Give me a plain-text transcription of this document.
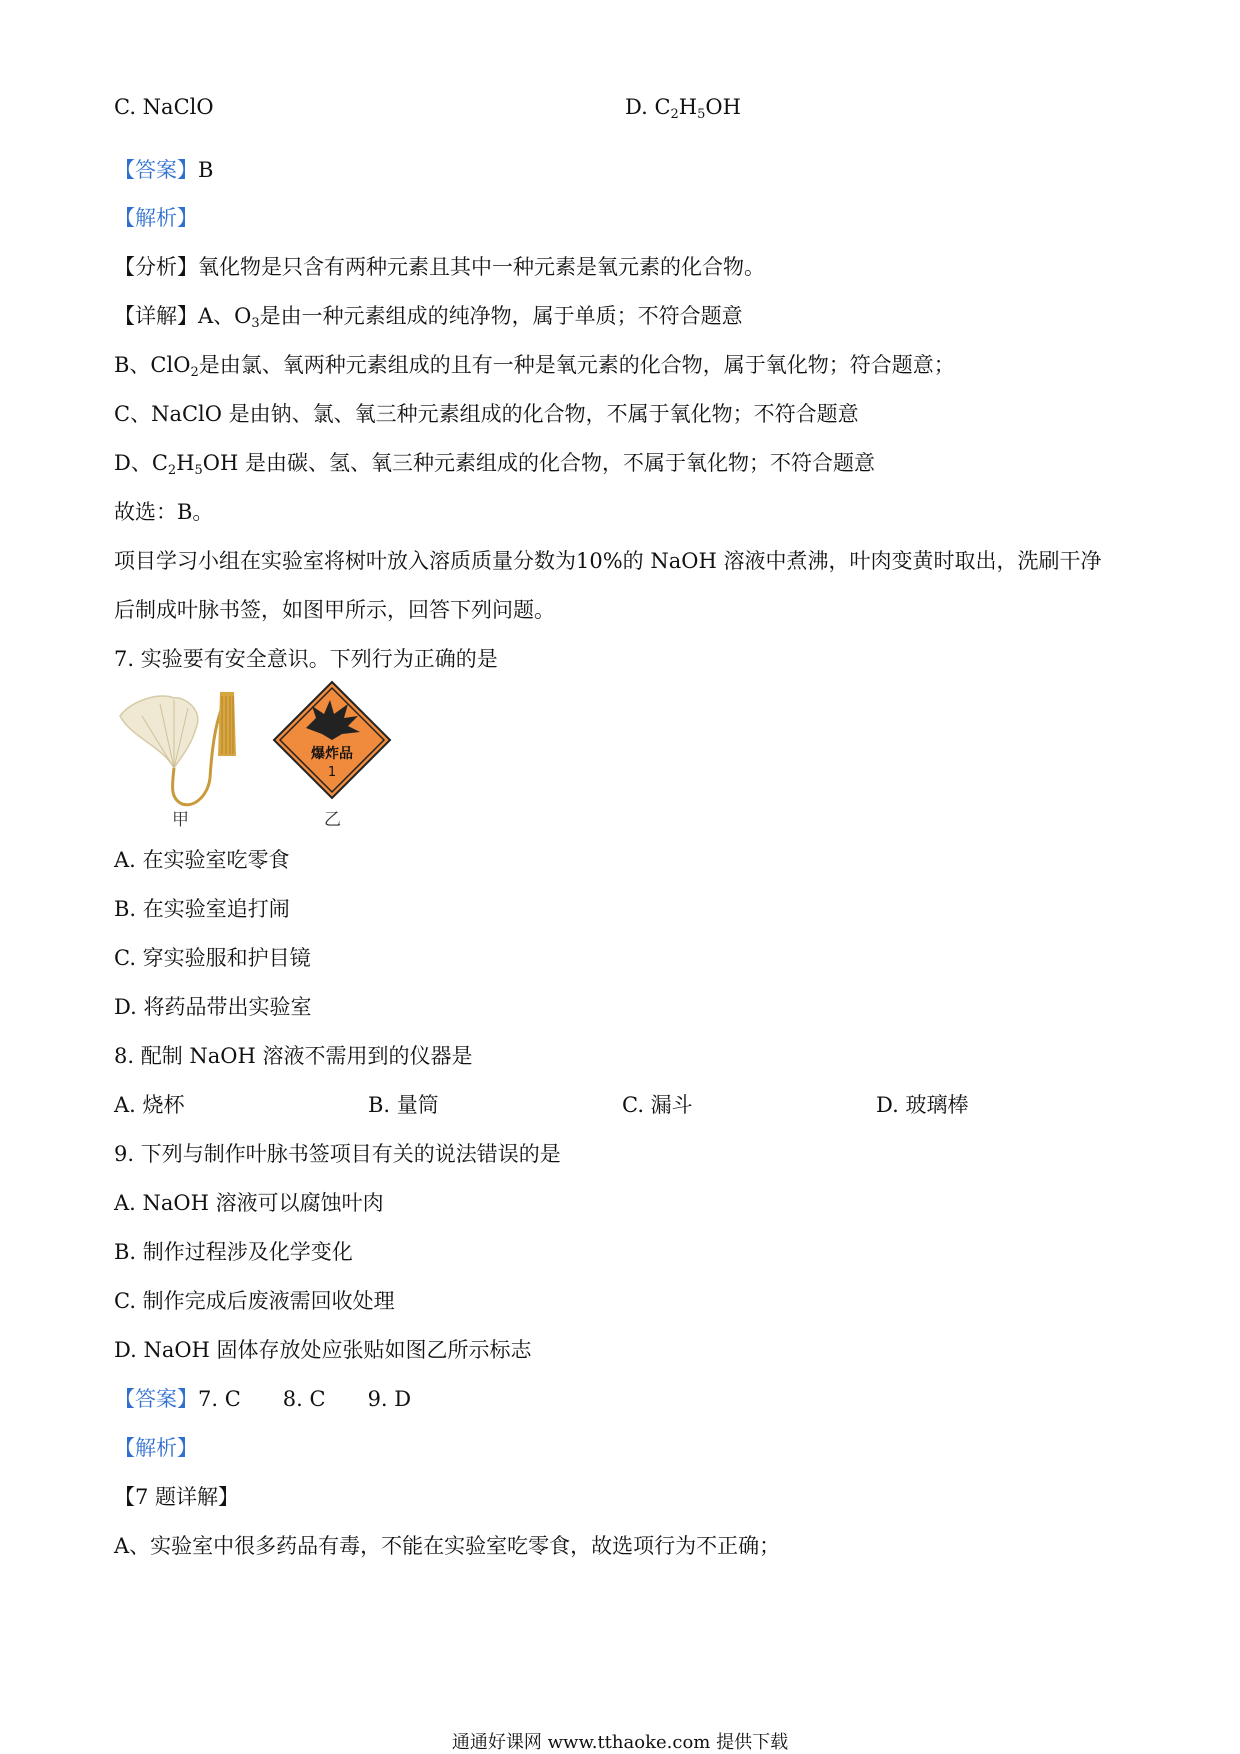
C. NaClO	D. $C_2H_5OH$
【答案】B
【解析】
【分析】氧化物是只含有两种元素且其中一种元素是氧元素的化合物。
【详解】A、$O_3$是由一种元素组成的纯净物，属于单质；不符合题意
B、ClO$_2$是由氯、氧两种元素组成的且有一种是氧元素的化合物，属于氧化物；符合题意；
C、NaClO 是由钠、氯、氧三种元素组成的化合物，不属于氧化物；不符合题意
D、$C_2H_5OH$ 是由碳、氢、氧三种元素组成的化合物，不属于氧化物；不符合题意
故选：B。
项目学习小组在实验室将树叶放入溶质质量分数为10%的 NaOH 溶液中煮沸，叶肉变黄时取出，洗刷干净
后制成叶脉书签，如图甲所示，回答下列问题。
7. 实验要有安全意识。下列行为正确的是
甲
爆炸品
1
乙
A. 在实验室吃零食
B. 在实验室追打闹
C. 穿实验服和护目镜
D. 将药品带出实验室
8. 配制 NaOH 溶液不需用到的仪器是
A. 烧杯	B. 量筒	C. 漏斗	D. 玻璃棒
9. 下列与制作叶脉书签项目有关的说法错误的是
A. NaOH 溶液可以腐蚀叶肉
B. 制作过程涉及化学变化
C. 制作完成后废液需回收处理
D. NaOH 固体存放处应张贴如图乙所示标志
【答案】7. C 8. C 9. D
【解析】
【7 题详解】
A、实验室中很多药品有毒，不能在实验室吃零食，故选项行为不正确；
通通好课网 www.tthaoke.com 提供下载
